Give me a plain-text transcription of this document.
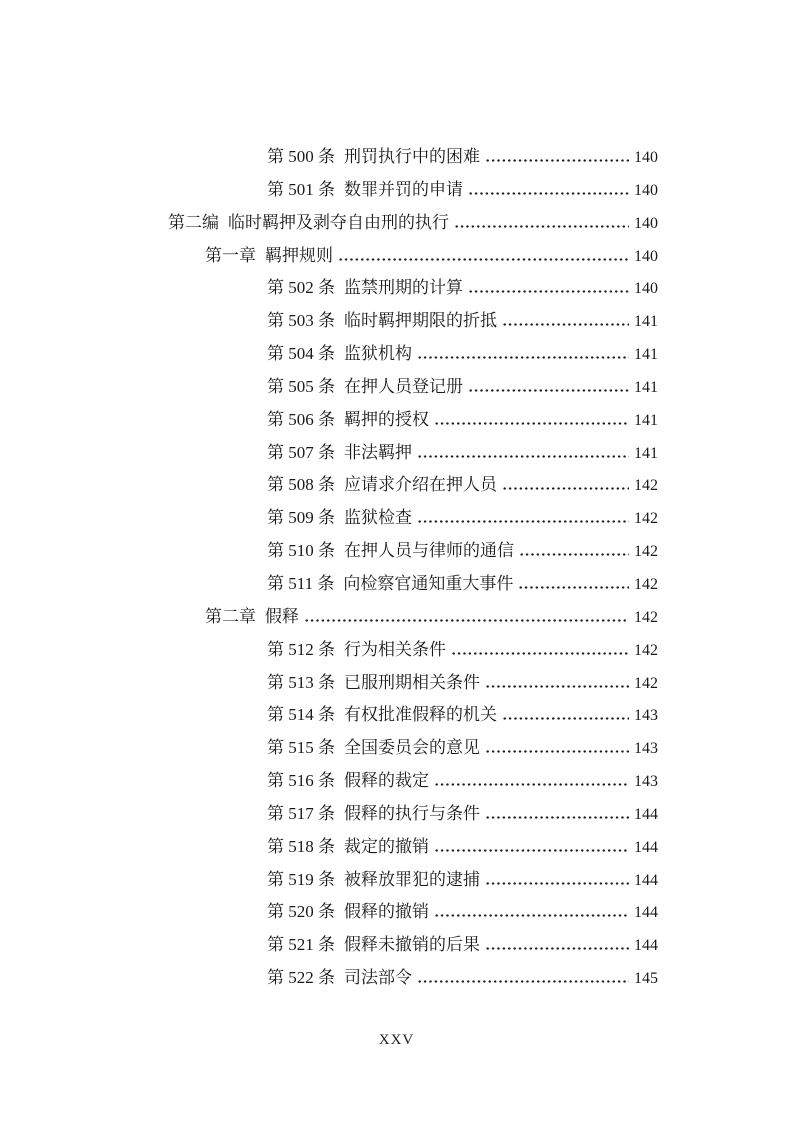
第 500 条 刑罚执行中的困难	140
第 501 条 数罪并罚的申请	140
第二编 临时羁押及剥夺自由刑的执行	140
第一章 羁押规则	140
第 502 条 监禁刑期的计算	140
第 503 条 临时羁押期限的折抵	141
第 504 条 监狱机构	141
第 505 条 在押人员登记册	141
第 506 条 羁押的授权	141
第 507 条 非法羁押	141
第 508 条 应请求介绍在押人员	142
第 509 条 监狱检查	142
第 510 条 在押人员与律师的通信	142
第 511 条 向检察官通知重大事件	142
第二章 假释	142
第 512 条 行为相关条件	142
第 513 条 已服刑期相关条件	142
第 514 条 有权批准假释的机关	143
第 515 条 全国委员会的意见	143
第 516 条 假释的裁定	143
第 517 条 假释的执行与条件	144
第 518 条 裁定的撤销	144
第 519 条 被释放罪犯的逮捕	144
第 520 条 假释的撤销	144
第 521 条 假释未撤销的后果	144
第 522 条 司法部令	145
XXV
